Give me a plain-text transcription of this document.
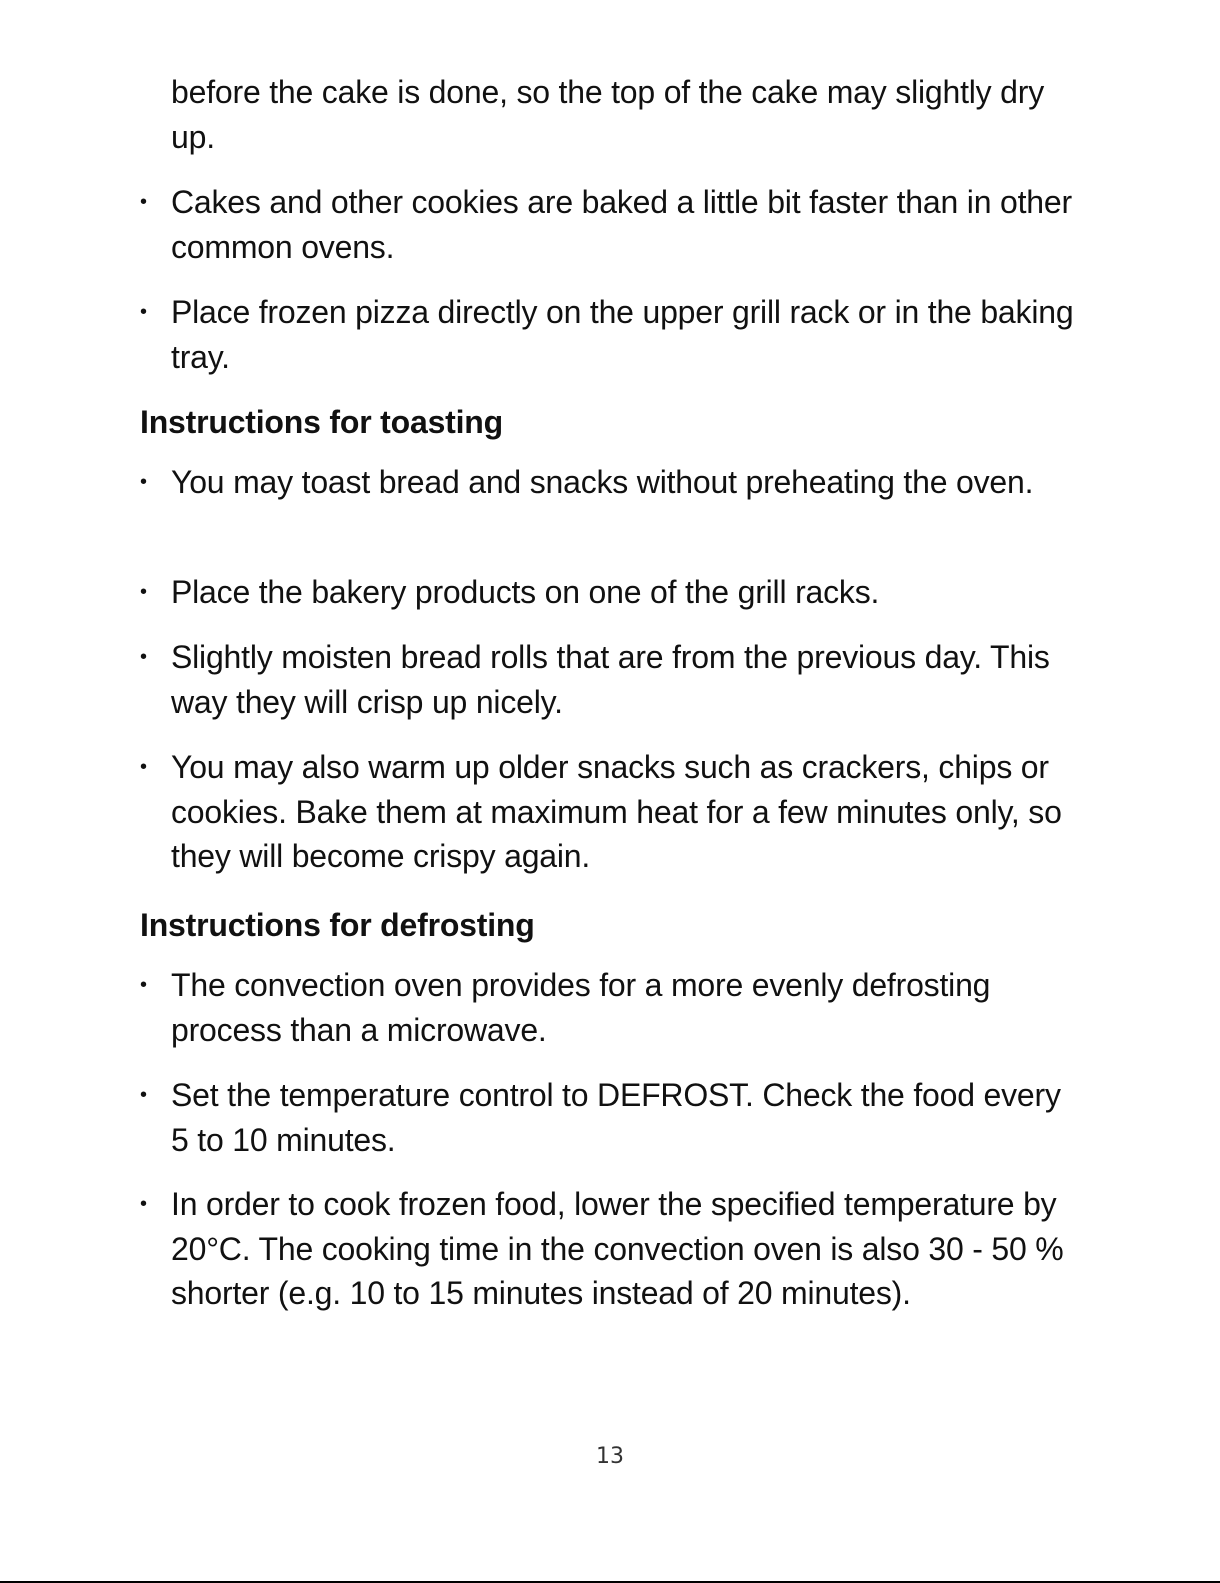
before the cake is done, so the top of the cake may slightly dry up.
• Cakes and other cookies are baked a little bit faster than in other common ovens.
• Place frozen pizza directly on the upper grill rack or in the baking tray.
Instructions for toasting
• You may toast bread and snacks without preheating the oven.
• Place the bakery products on one of the grill racks.
• Slightly moisten bread rolls that are from the previous day. This way they will crisp up nicely.
• You may also warm up older snacks such as crackers, chips or cookies. Bake them at maximum heat for a few minutes only, so they will become crispy again.
Instructions for defrosting
• The convection oven provides for a more evenly defrosting process than a microwave.
• Set the temperature control to DEFROST. Check the food every 5 to 10 minutes.
• In order to cook frozen food, lower the specified temperature by 20°C. The cooking time in the convection oven is also 30 - 50 % shorter (e.g. 10 to 15 minutes instead of 20 minutes).
13
